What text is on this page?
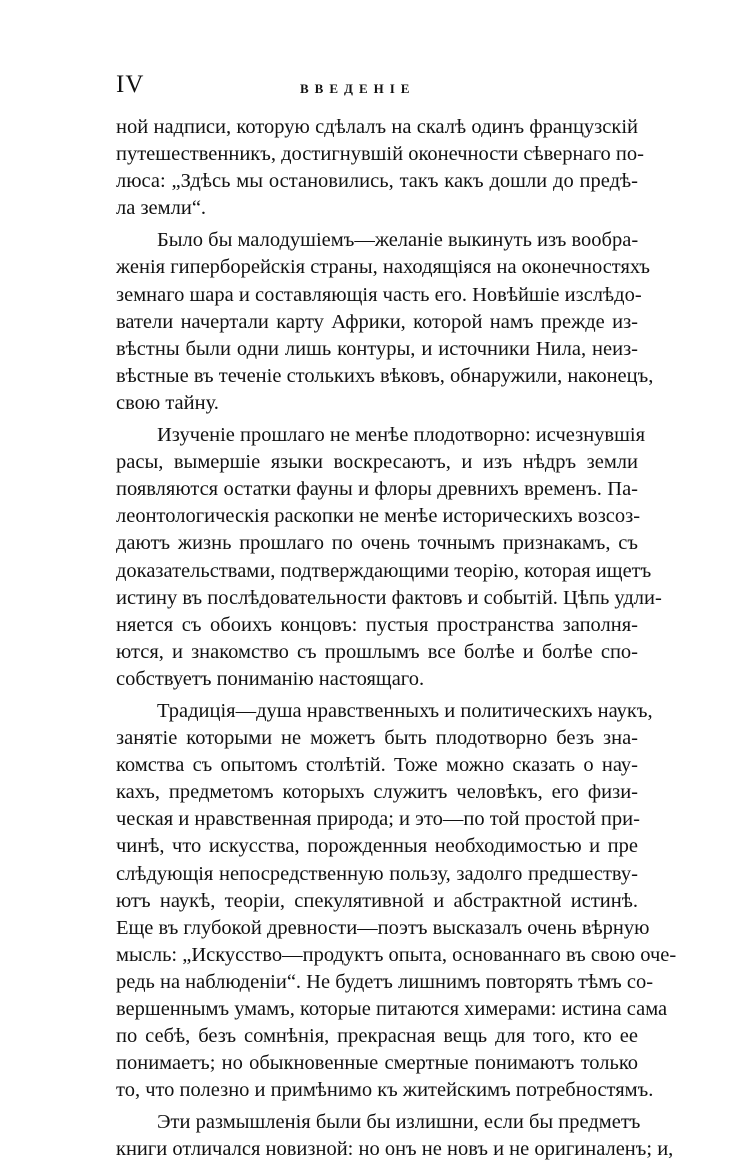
IV	ВВЕДЕНІЕ
ной надписи, которую сдѣлалъ на скалѣ одинъ французскій
путешественникъ, достигнувшій оконечности сѣвернаго по-
люса: „Здѣсь мы остановились, такъ какъ дошли до предѣ-
ла земли“.
Было бы малодушіемъ—желаніе выкинуть изъ вообра-
женія гиперборейскія страны, находящіяся на оконечностяхъ
земнаго шара и составляющія часть его. Новѣйшіе изслѣдо-
ватели начертали карту Африки, которой намъ прежде из-
вѣстны были одни лишь контуры, и источники Нила, неиз-
вѣстные въ теченіе столькихъ вѣковъ, обнаружили, наконецъ,
свою тайну.
Изученіе прошлаго не менѣе плодотворно: исчезнувшія
расы, вымершіе языки воскресаютъ, и изъ нѣдръ земли
появляются остатки фауны и флоры древнихъ временъ. Па-
леонтологическія раскопки не менѣе историческихъ возсоз-
даютъ жизнь прошлаго по очень точнымъ признакамъ, съ
доказательствами, подтверждающими теорію, которая ищетъ
истину въ послѣдовательности фактовъ и событій. Цѣпь удли-
няется съ обоихъ концовъ: пустыя пространства заполня-
ются, и знакомство съ прошлымъ все болѣе и болѣе спо-
собствуетъ пониманію настоящаго.
Традиція—душа нравственныхъ и политическихъ наукъ,
занятіе которыми не можетъ быть плодотворно безъ зна-
комства съ опытомъ столѣтій. Тоже можно сказать о нау-
кахъ, предметомъ которыхъ служитъ человѣкъ, его физи-
ческая и нравственная природа; и это—по той простой при-
чинѣ, что искусства, порожденныя необходимостью и пре
слѣдующія непосредственную пользу, задолго предшеству-
ютъ наукѣ, теоріи, спекулятивной и абстрактной истинѣ.
Еще въ глубокой древности—поэтъ высказалъ очень вѣрную
мысль: „Искусство—продуктъ опыта, основаннаго въ свою оче-
редь на наблюденіи“. Не будетъ лишнимъ повторять тѣмъ со-
вершеннымъ умамъ, которые питаются химерами: истина сама
по себѣ, безъ сомнѣнія, прекрасная вещь для того, кто ее
понимаетъ; но обыкновенные смертные понимаютъ только
то, что полезно и примѣнимо къ житейскимъ потребностямъ.
Эти размышленія были бы излишни, если бы предметъ
книги отличался новизной: но онъ не новъ и не оригиналенъ; и,
